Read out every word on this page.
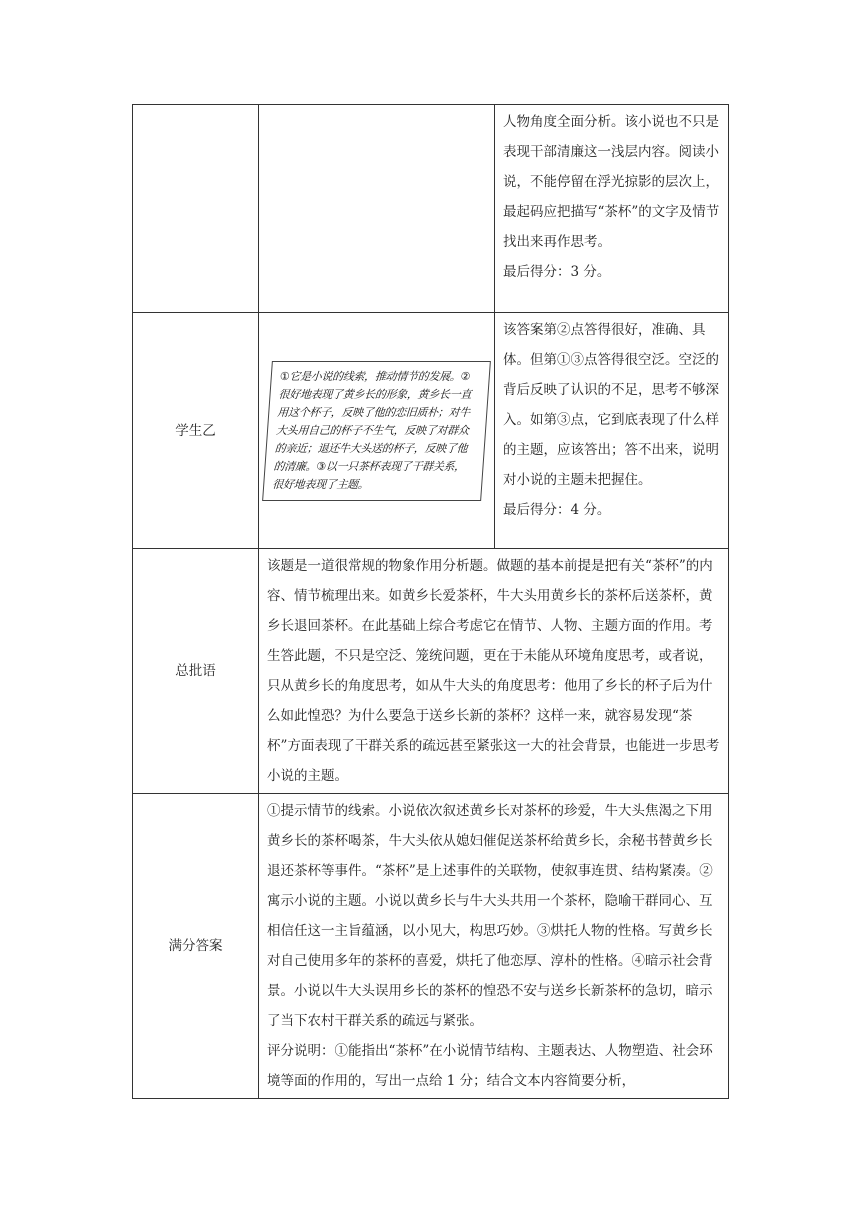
		人物角度全面分析。该小说也不只是表现干部清廉这一浅层内容。阅读小说，不能停留在浮光掠影的层次上，最起码应把描写“茶杯”的文字及情节找出来再作思考。

最后得分：3 分。

学生乙	①它是小说的线索，推动情节的发展。②很好地表现了黄乡长的形象，黄乡长一直用这个杯子，反映了他的恋旧质朴；对牛大头用自己的杯子不生气，反映了对群众的亲近；退还牛大头送的杯子，反映了他的清廉。③以一只茶杯表现了干群关系，很好地表现了主题。	该答案第②点答得很好，准确、具体。但第①③点答得很空泛。空泛的背后反映了认识的不足，思考不够深入。如第③点，它到底表现了什么样的主题，应该答出；答不出来，说明对小说的主题未把握住。

最后得分：4 分。

总批语	该题是一道很常规的物象作用分析题。做题的基本前提是把有关“茶杯”的内容、情节梳理出来。如黄乡长爱茶杯，牛大头用黄乡长的茶杯后送茶杯，黄乡长退回茶杯。在此基础上综合考虑它在情节、人物、主题方面的作用。考生答此题，不只是空泛、笼统问题，更在于未能从环境角度思考，或者说，只从黄乡长的角度思考，如从牛大头的角度思考：他用了乡长的杯子后为什么如此惶恐？为什么要急于送乡长新的茶杯？这样一来，就容易发现“茶杯”方面表现了干群关系的疏远甚至紧张这一大的社会背景，也能进一步思考小说的主题。	

满分答案	①提示情节的线索。小说依次叙述黄乡长对茶杯的珍爱，牛大头焦渴之下用黄乡长的茶杯喝茶，牛大头依从媳妇催促送茶杯给黄乡长，余秘书替黄乡长退还茶杯等事件。“茶杯”是上述事件的关联物，使叙事连贯、结构紧凑。②寓示小说的主题。小说以黄乡长与牛大头共用一个茶杯，隐喻干群同心、互相信任这一主旨蕴涵，以小见大，构思巧妙。③烘托人物的性格。写黄乡长对自己使用多年的茶杯的喜爱，烘托了他恋厚、淳朴的性格。④暗示社会背景。小说以牛大头误用乡长的茶杯的惶恐不安与送乡长新茶杯的急切，暗示了当下农村干群关系的疏远与紧张。

评分说明：①能指出“茶杯”在小说情节结构、主题表达、人物塑造、社会环境等面的作用的，写出一点给 1 分；结合文本内容简要分析，	
